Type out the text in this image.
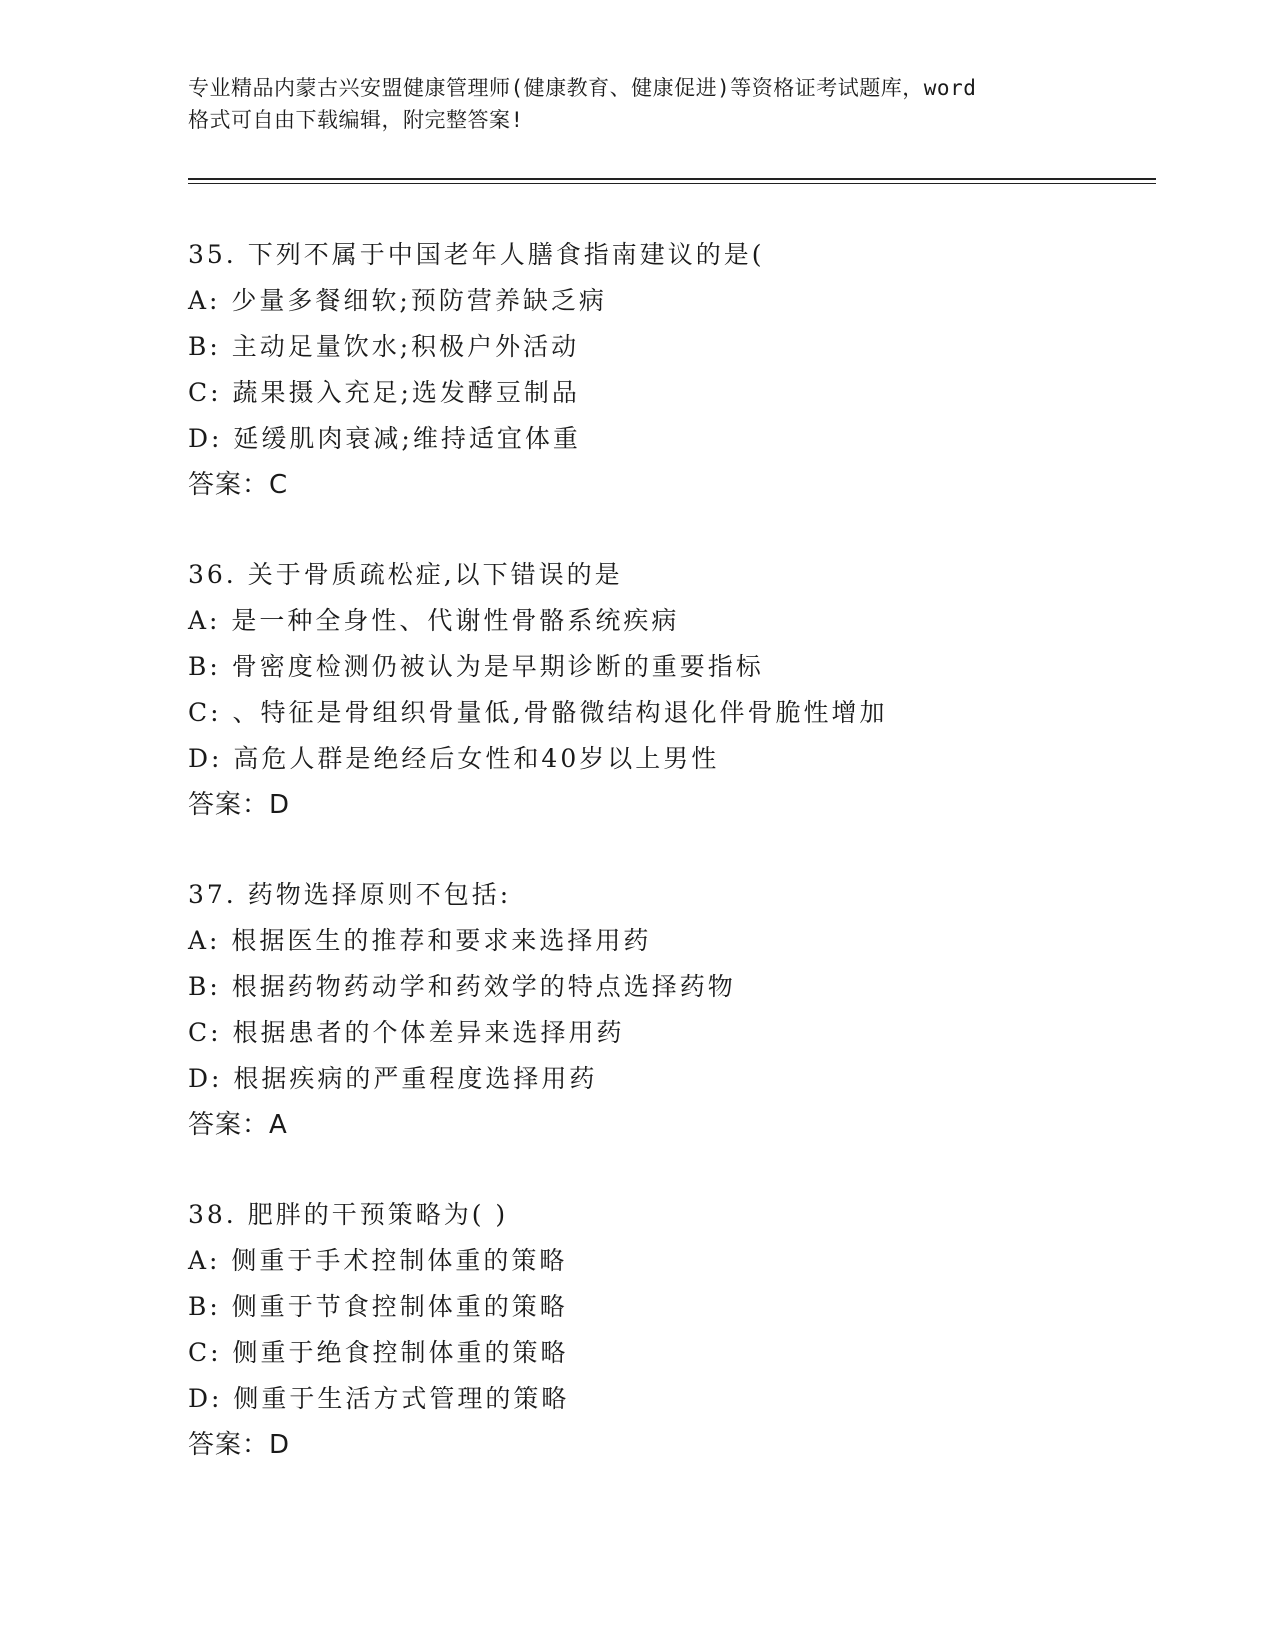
专业精品内蒙古兴安盟健康管理师(健康教育、健康促进)等资格证考试题库，word
格式可自由下载编辑，附完整答案!
35. 下列不属于中国老年人膳食指南建议的是(
A: 少量多餐细软;预防营养缺乏病
B: 主动足量饮水;积极户外活动
C: 蔬果摄入充足;选发酵豆制品
D: 延缓肌肉衰减;维持适宜体重
答案：C
36. 关于骨质疏松症,以下错误的是
A: 是一种全身性、代谢性骨骼系统疾病
B: 骨密度检测仍被认为是早期诊断的重要指标
C: 、特征是骨组织骨量低,骨骼微结构退化伴骨脆性增加
D: 高危人群是绝经后女性和40岁以上男性
答案：D
37. 药物选择原则不包括:
A: 根据医生的推荐和要求来选择用药
B: 根据药物药动学和药效学的特点选择药物
C: 根据患者的个体差异来选择用药
D: 根据疾病的严重程度选择用药
答案：A
38. 肥胖的干预策略为( )
A: 侧重于手术控制体重的策略
B: 侧重于节食控制体重的策略
C: 侧重于绝食控制体重的策略
D: 侧重于生活方式管理的策略
答案：D
